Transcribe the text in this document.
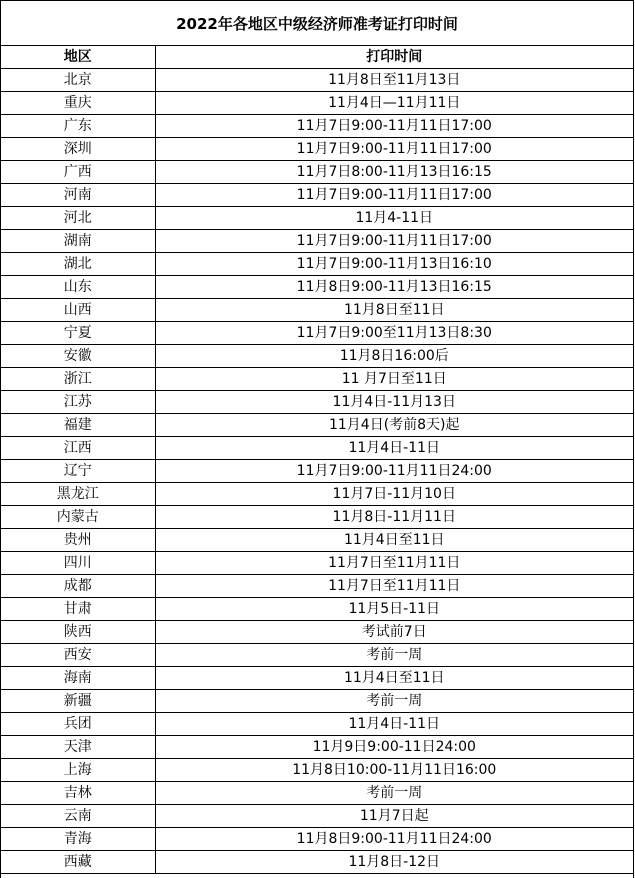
2022年各地区中级经济师准考证打印时间
地区	打印时间
北京	11月8日至11月13日
重庆	11月4日—11月11日
广东	11月7日9:00-11月11日17:00
深圳	11月7日9:00-11月11日17:00
广西	11月7日8:00-11月13日16:15
河南	11月7日9:00-11月11日17:00
河北	11月4-11日
湖南	11月7日9:00-11月11日17:00
湖北	11月7日9:00-11月13日16:10
山东	11月8日9:00-11月13日16:15
山西	11月8日至11日
宁夏	11月7日9:00至11月13日8:30
安徽	11月8日16:00后
浙江	11 月7日至11日
江苏	11月4日-11月13日
福建	11月4日(考前8天)起
江西	11月4日-11日
辽宁	11月7日9:00-11月11日24:00
黑龙江	11月7日-11月10日
内蒙古	11月8日-11月11日
贵州	11月4日至11日
四川	11月7日至11月11日
成都	11月7日至11月11日
甘肃	11月5日-11日
陕西	考试前7日
西安	考前一周
海南	11月4日至11日
新疆	考前一周
兵团	11月4日-11日
天津	11月9日9:00-11日24:00
上海	11月8日10:00-11月11日16:00
吉林	考前一周
云南	11月7日起
青海	11月8日9:00-11月11日24:00
西藏	11月8日-12日
